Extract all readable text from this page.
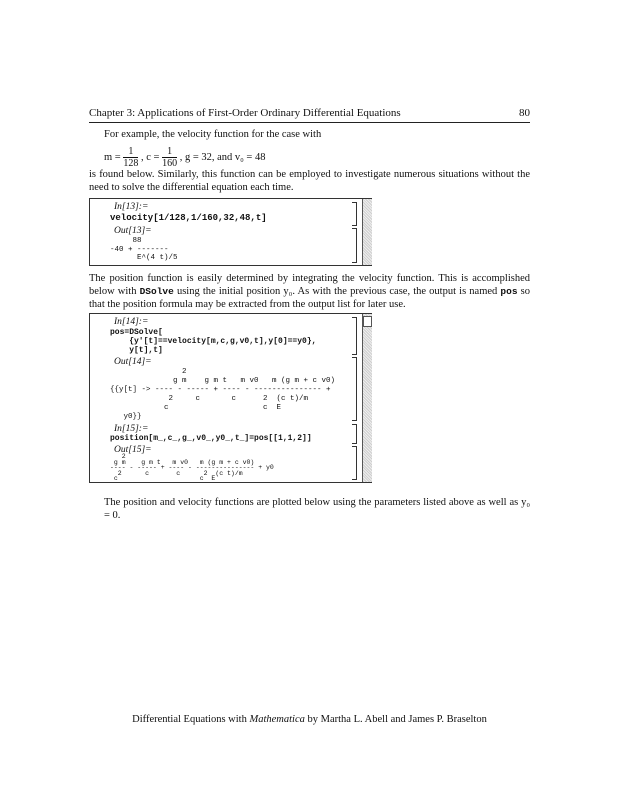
Chapter 3: Applications of First-Order Ordinary Differential Equations	80
For example, the velocity function for the case with
$m = \frac{1}{128}$ , $c = \frac{1}{160}$ , g = 32, and v₀ = 48
is found below. Similarly, this function can be employed to investigate numerous situations without the need to solve the differential equation each time.
In[13]:=
velocity[1/128,1/160,32,48,t]
Out[13]=
88
-40 + -------
E^(4 t)/5
The position function is easily determined by integrating the velocity function. This is accomplished below with DSolve using the initial position y₀. As with the previous case, the output is named pos so that the position formula may be extracted from the output list for later use.
In[14]:=
pos=DSolve[
{y'[t]==velocity[m,c,g,v0,t],y[0]==y0},
y[t],t]
Out[14]=
2
g m    g m t   m v0   m (g m + c v0)
{{y[t] -> ---- - ----- + ---- - --------------- +
2     c       c      2  (c t)/m
c                     c  E
y0}}
In[15]:=
position[m_,c_,g_,v0_,y0_,t_]=pos[[1,1,2]]
Out[15]=
2
g m    g m t   m v0   m (g m + c v0)
---- - ----- + ---- - --------------- + y0
2      c       c      2  (c t)/m
c                     c  E
The position and velocity functions are plotted below using the parameters listed above as well as y₀ = 0.
Differential Equations with Mathematica by Martha L. Abell and James P. Braselton
